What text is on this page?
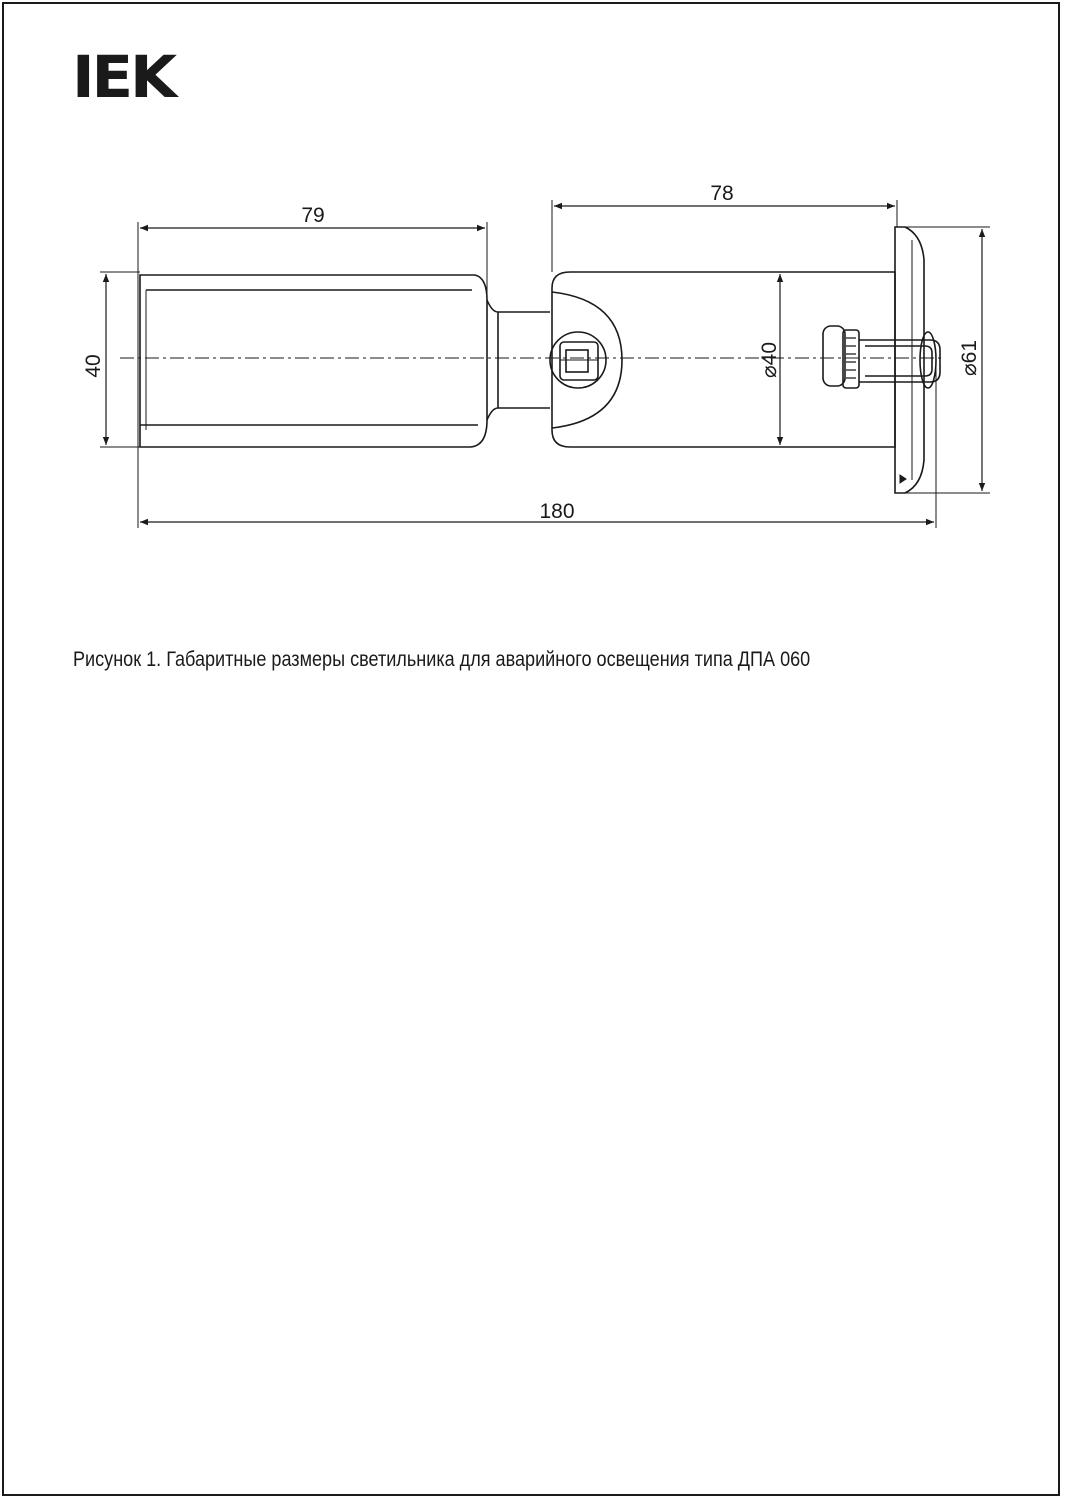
IEK
79
78
40	⌀40	⌀61
180
Рисунок 1. Габаритные размеры светильника для аварийного освещения типа ДПА 060
